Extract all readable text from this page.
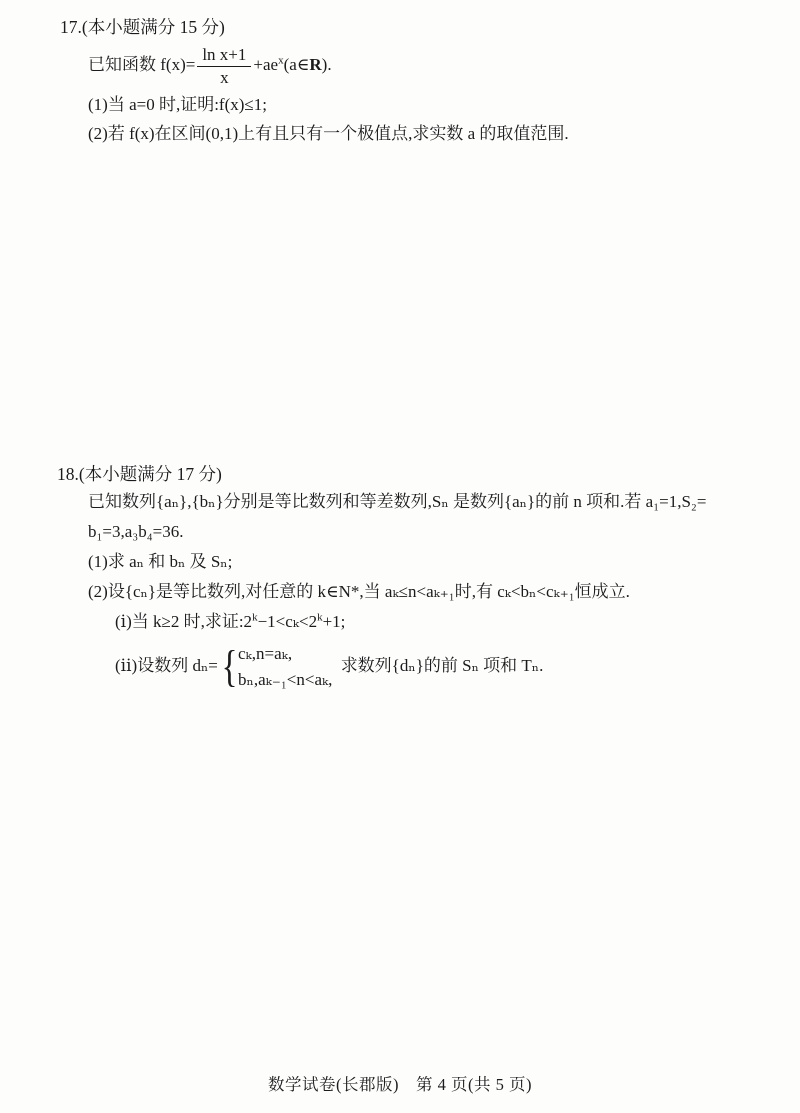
17.(本小题满分 15 分)
已知函数 $f(x)= \frac{\text{ln x+1}}{x}$ $+ae^x(a\in R)$.
(1)当 a=0 时,证明:f(x)≤1;
(2)若 f(x)在区间(0,1)上有且只有一个极值点,求实数 a 的取值范围.
18.(本小题满分 17 分)
已知数列{aₙ},{bₙ}分别是等比数列和等差数列,Sₙ 是数列{aₙ}的前 n 项和.若 a₁=1,S₂=
b₁=3,a₃b₄=36.
(1)求 aₙ 和 bₙ 及 Sₙ;
(2)设{cₙ}是等比数列,对任意的 k∈N*,当 aₖ≤n<aₖ₊₁时,有 cₖ<bₙ<cₖ₊₁恒成立.
(ⅰ)当 k≥2 时,求证$:2^k-1<c_k<2^k+1$;
(ⅱ)设数列 dₙ= { cₖ,n=aₖ,
bₙ,aₖ₋₁<n<aₖ,
求数列{dₙ}的前 Sₙ 项和 Tₙ.
数学试卷(长郡版)　第 4 页(共 5 页)
